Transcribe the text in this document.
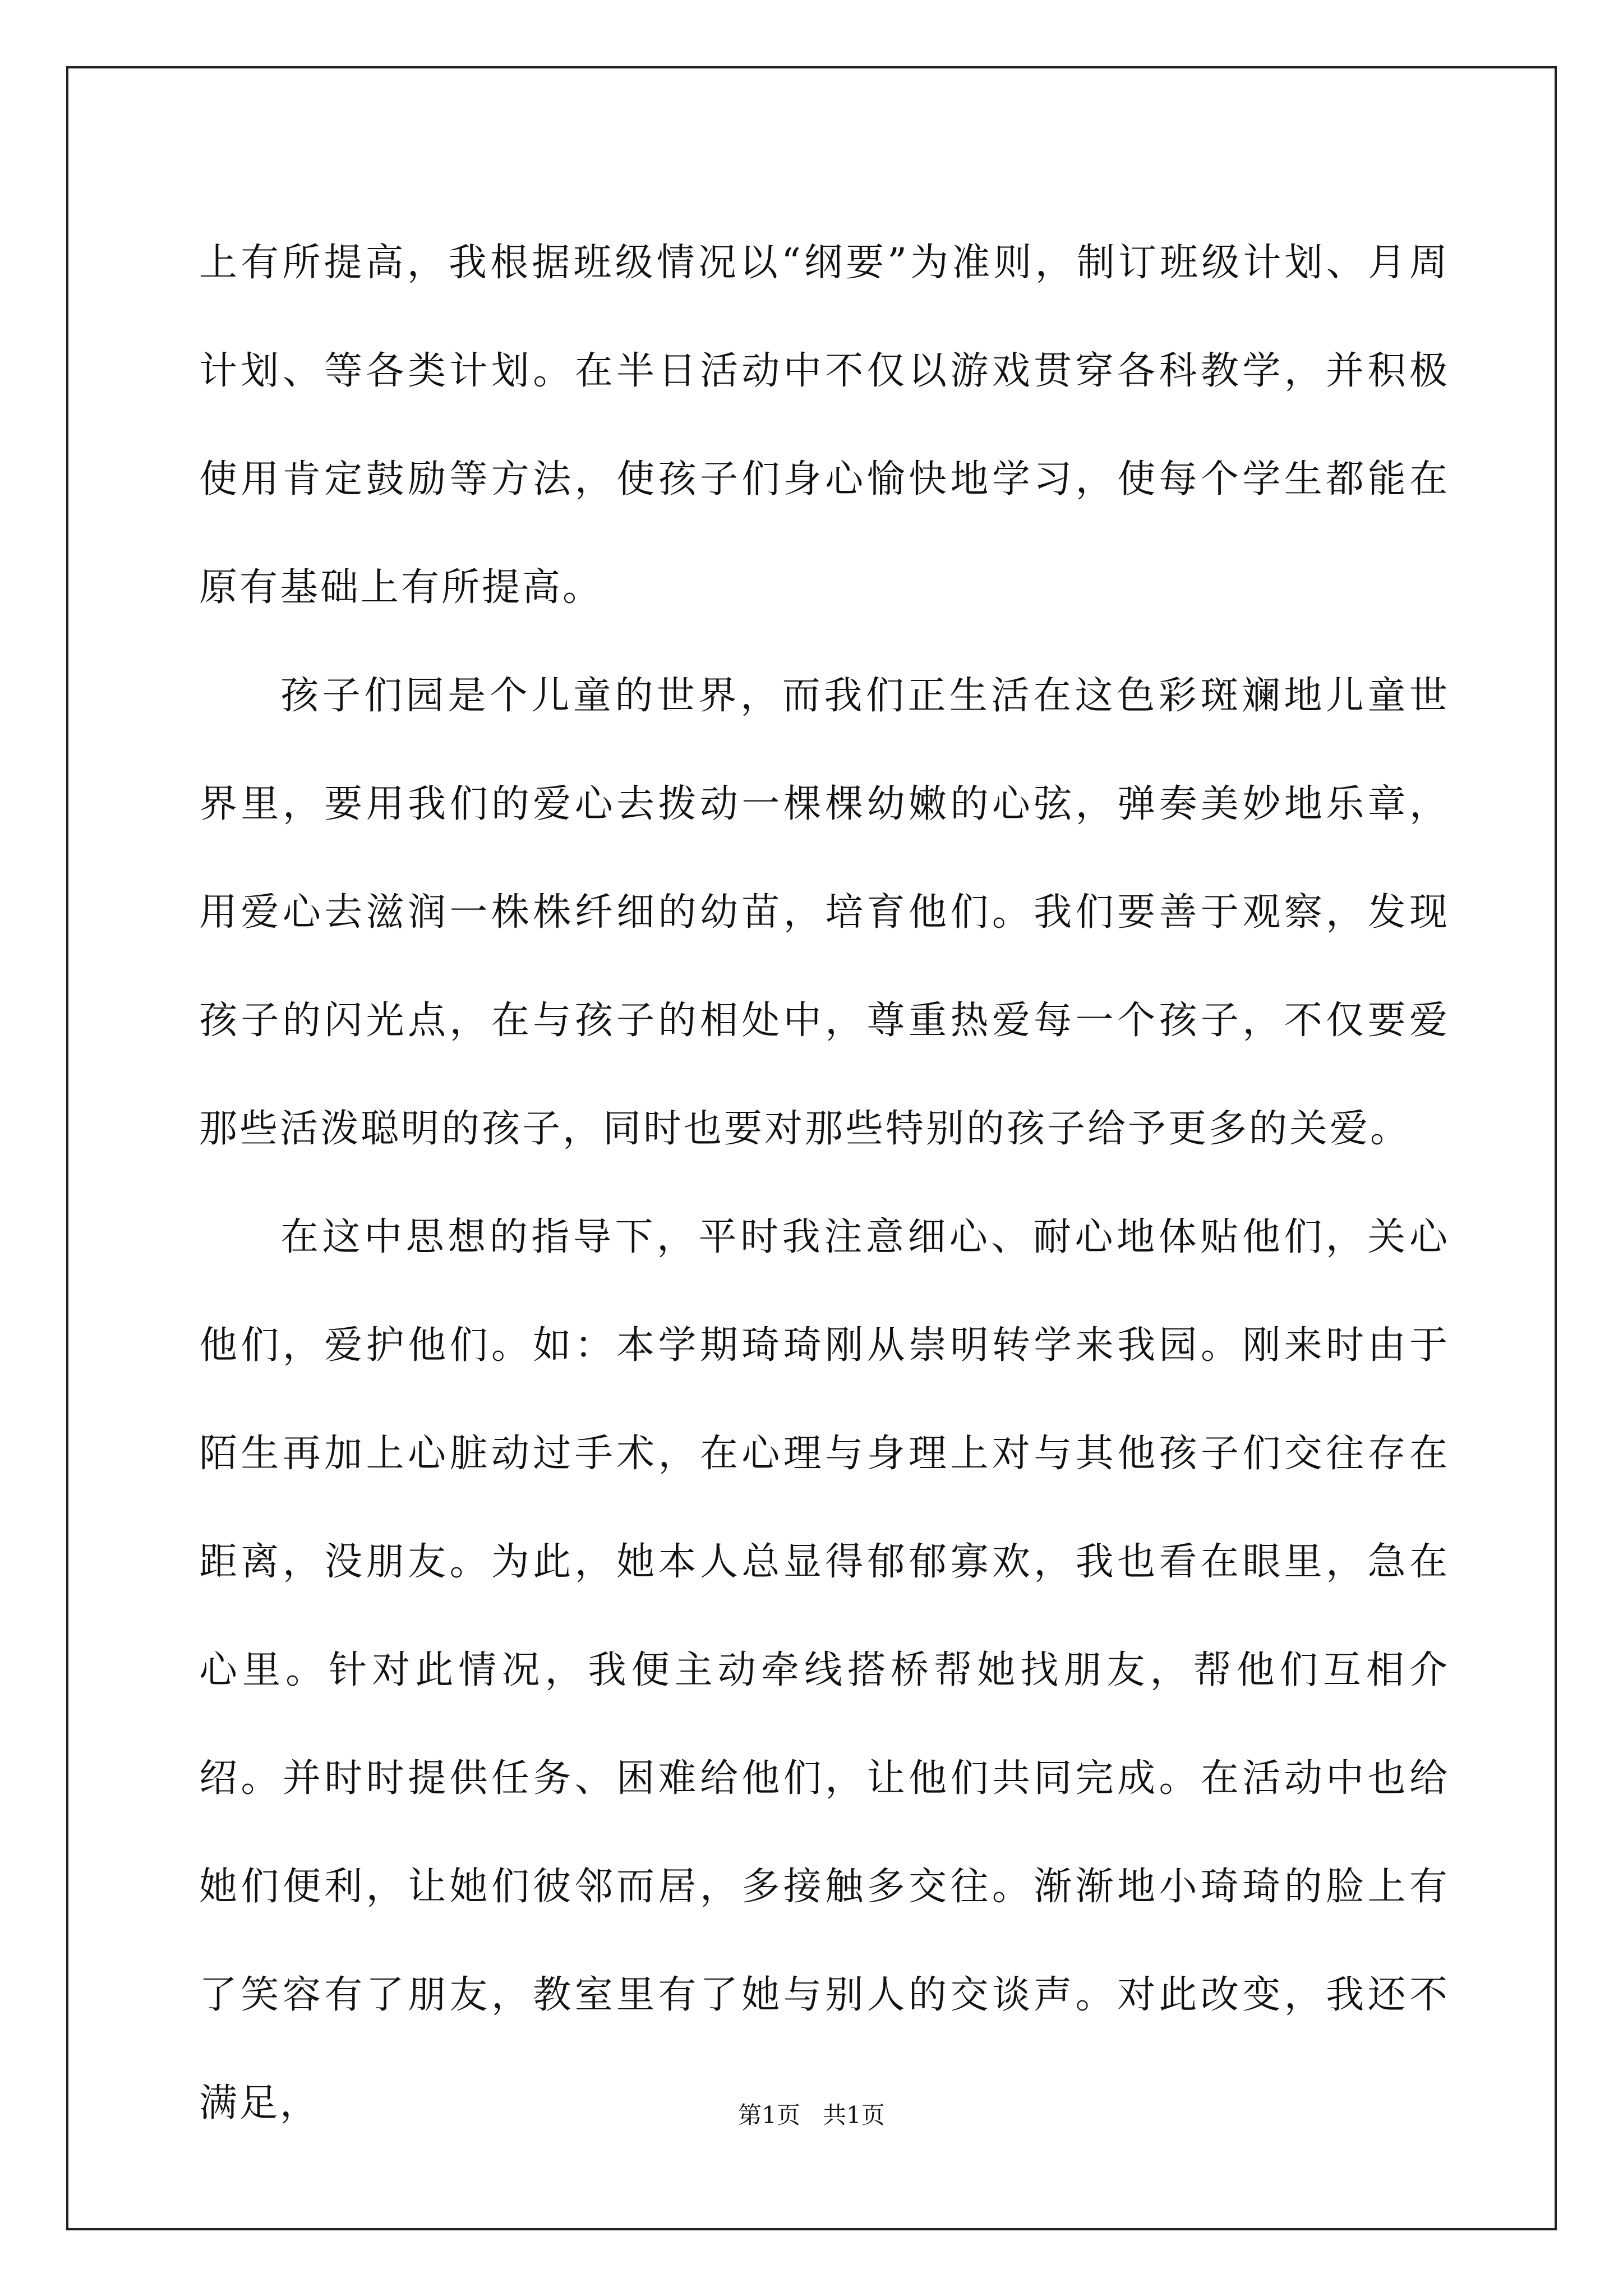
上有所提高，我根据班级情况以“纲要”为准则，制订班级计划、月周计划、等各类计划。在半日活动中不仅以游戏贯穿各科教学，并积极使用肯定鼓励等方法，使孩子们身心愉快地学习，使每个学生都能在原有基础上有所提高。

孩子们园是个儿童的世界，而我们正生活在这色彩斑斓地儿童世界里，要用我们的爱心去拨动一棵棵幼嫩的心弦，弹奏美妙地乐章，用爱心去滋润一株株纤细的幼苗，培育他们。我们要善于观察，发现孩子的闪光点，在与孩子的相处中，尊重热爱每一个孩子，不仅要爱那些活泼聪明的孩子，同时也要对那些特别的孩子给予更多的关爱。

在这中思想的指导下，平时我注意细心、耐心地体贴他们，关心他们，爱护他们。如：本学期琦琦刚从崇明转学来我园。刚来时由于陌生再加上心脏动过手术，在心理与身理上对与其他孩子们交往存在距离，没朋友。为此，她本人总显得郁郁寡欢，我也看在眼里，急在心里。针对此情况，我便主动牵线搭桥帮她找朋友，帮他们互相介绍。并时时提供任务、困难给他们，让他们共同完成。在活动中也给她们便利，让她们彼邻而居，多接触多交往。渐渐地小琦琦的脸上有了笑容有了朋友，教室里有了她与别人的交谈声。对此改变，我还不满足，	第1页 共1页
